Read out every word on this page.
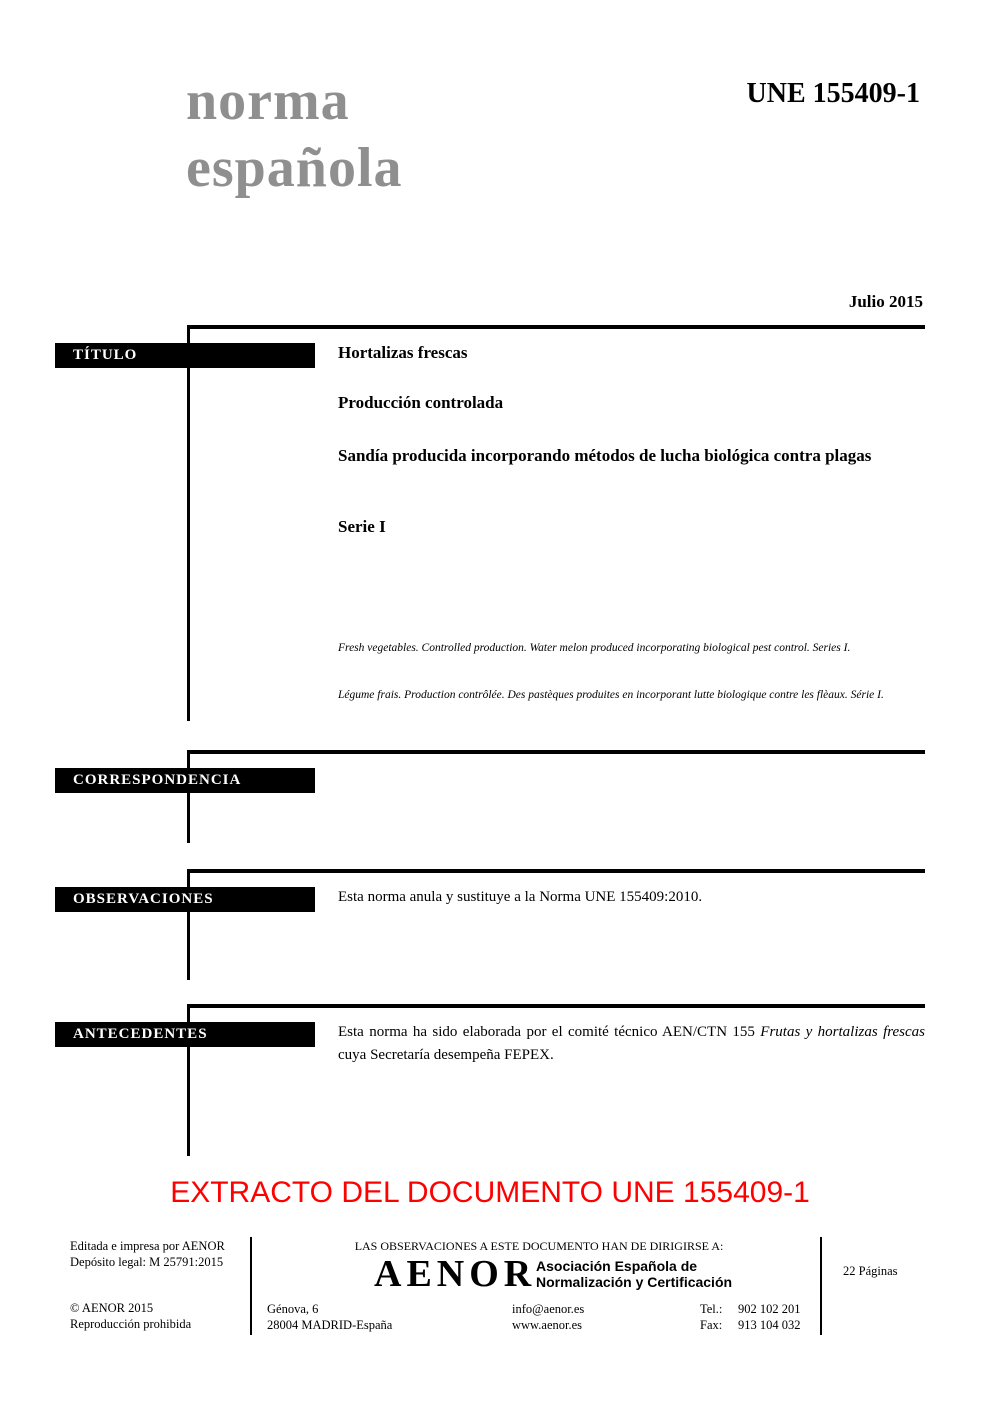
norma
española
UNE 155409-1
Julio 2015
TÍTULO	Hortalizas frescas
Producción controlada
Sandía producida incorporando métodos de lucha biológica contra plagas
Serie I
Fresh vegetables. Controlled production. Water melon produced incorporating biological pest control. Series I.
Légume frais. Production contrôlée. Des pastèques produites en incorporant lutte biologique contre les flèaux. Série I.
CORRESPONDENCIA
OBSERVACIONES	Esta norma anula y sustituye a la Norma UNE 155409:2010.
ANTECEDENTES	Esta norma ha sido elaborada por el comité técnico AEN/CTN 155 Frutas y hortalizas frescas cuya Secretaría desempeña FEPEX.
EXTRACTO DEL DOCUMENTO UNE 155409-1
Editada e impresa por AENOR
Depósito legal: M 25791:2015
© AENOR 2015
Reproducción prohibida
LAS OBSERVACIONES A ESTE DOCUMENTO HAN DE DIRIGIRSE A:
AENOR Asociación Española de
Normalización y Certificación
Génova, 6
28004 MADRID-España
info@aenor.es
www.aenor.es
Tel.: 902 102 201
Fax: 913 104 032
22 Páginas
